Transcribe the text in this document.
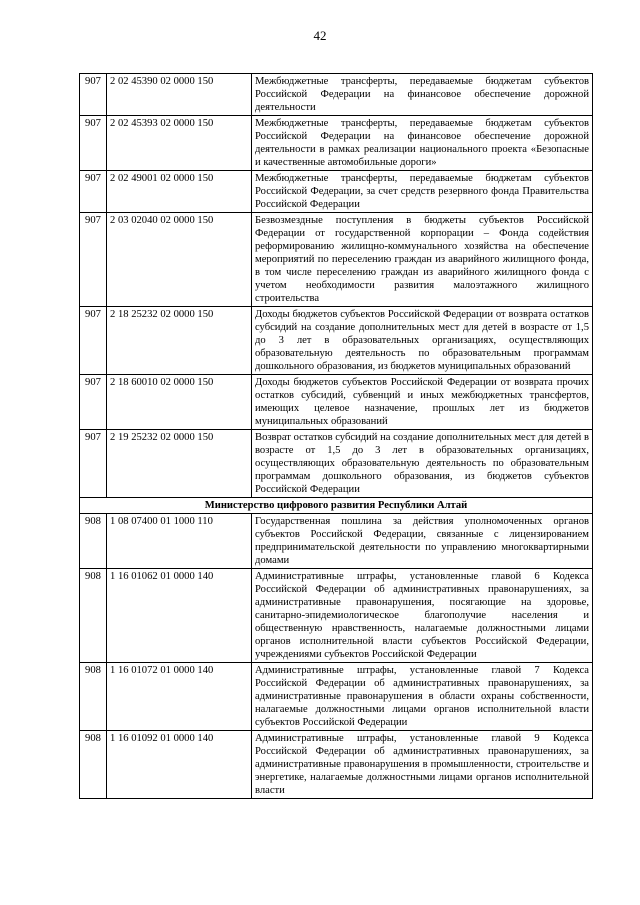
42
907	2 02 45390 02 0000 150	Межбюджетные трансферты, передаваемые бюджетам субъектов Российской Федерации на финансовое обеспечение дорожной деятельности
907	2 02 45393 02 0000 150	Межбюджетные трансферты, передаваемые бюджетам субъектов Российской Федерации на финансовое обеспечение дорожной деятельности в рамках реализации национального проекта «Безопасные и качественные автомобильные дороги»
907	2 02 49001 02 0000 150	Межбюджетные трансферты, передаваемые бюджетам субъектов Российской Федерации, за счет средств резервного фонда Правительства Российской Федерации
907	2 03 02040 02 0000 150	Безвозмездные поступления в бюджеты субъектов Российской Федерации от государственной корпорации – Фонда содействия реформированию жилищно-коммунального хозяйства на обеспечение мероприятий по переселению граждан из аварийного жилищного фонда, в том числе переселению граждан из аварийного жилищного фонда с учетом необходимости развития малоэтажного жилищного строительства
907	2 18 25232 02 0000 150	Доходы бюджетов субъектов Российской Федерации от возврата остатков субсидий на создание дополнительных мест для детей в возрасте от 1,5 до 3 лет в образовательных организациях, осуществляющих образовательную деятельность по образовательным программам дошкольного образования, из бюджетов муниципальных образований
907	2 18 60010 02 0000 150	Доходы бюджетов субъектов Российской Федерации от возврата прочих остатков субсидий, субвенций и иных межбюджетных трансфертов, имеющих целевое назначение, прошлых лет из бюджетов муниципальных образований
907	2 19 25232 02 0000 150	Возврат остатков субсидий на создание дополнительных мест для детей в возрасте от 1,5 до 3 лет в образовательных организациях, осуществляющих образовательную деятельность по образовательным программам дошкольного образования, из бюджетов субъектов Российской Федерации
Министерство цифрового развития Республики Алтай		
908	1 08 07400 01 1000 110	Государственная пошлина за действия уполномоченных органов субъектов Российской Федерации, связанные с лицензированием предпринимательской деятельности по управлению многоквартирными домами
908	1 16 01062 01 0000 140	Административные штрафы, установленные главой 6 Кодекса Российской Федерации об административных правонарушениях, за административные правонарушения, посягающие на здоровье, санитарно-эпидемиологическое благополучие населения и общественную нравственность, налагаемые должностными лицами органов исполнительной власти субъектов Российской Федерации, учреждениями субъектов Российской Федерации
908	1 16 01072 01 0000 140	Административные штрафы, установленные главой 7 Кодекса Российской Федерации об административных правонарушениях, за административные правонарушения в области охраны собственности, налагаемые должностными лицами органов исполнительной власти субъектов Российской Федерации
908	1 16 01092 01 0000 140	Административные штрафы, установленные главой 9 Кодекса Российской Федерации об административных правонарушениях, за административные правонарушения в промышленности, строительстве и энергетике, налагаемые должностными лицами органов исполнительной власти
